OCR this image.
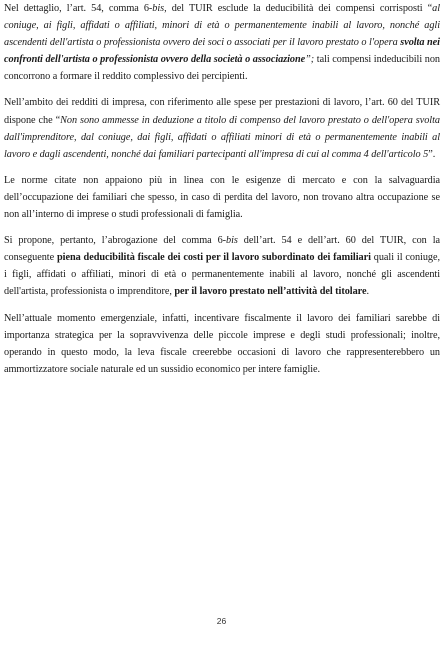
Nel dettaglio, l’art. 54, comma 6-bis, del TUIR esclude la deducibilità dei compensi corrisposti “al coniuge, ai figli, affidati o affiliati, minori di età o permanentemente inabili al lavoro, nonché agli ascendenti dell'artista o professionista ovvero dei soci o associati per il lavoro prestato o l'opera svolta nei confronti dell'artista o professionista ovvero della società o associazione”; tali compensi indeducibili non concorrono a formare il reddito complessivo dei percipienti.

Nell’ambito dei redditi di impresa, con riferimento alle spese per prestazioni di lavoro, l’art. 60 del TUIR dispone che “Non sono ammesse in deduzione a titolo di compenso del lavoro prestato o dell'opera svolta dall'imprenditore, dal coniuge, dai figli, affidati o affiliati minori di età o permanentemente inabili al lavoro e dagli ascendenti, nonché dai familiari partecipanti all'impresa di cui al comma 4 dell'articolo 5”.

Le norme citate non appaiono più in linea con le esigenze di mercato e con la salvaguardia dell’occupazione dei familiari che spesso, in caso di perdita del lavoro, non trovano altra occupazione se non all’interno di imprese o studi professionali di famiglia.

Si propone, pertanto, l’abrogazione del comma 6-bis dell’art. 54 e dell’art. 60 del TUIR, con la conseguente piena deducibilità fiscale dei costi per il lavoro subordinato dei familiari quali il coniuge, i figli, affidati o affiliati, minori di età o permanentemente inabili al lavoro, nonché gli ascendenti dell'artista, professionista o imprenditore, per il lavoro prestato nell’attività del titolare.

Nell’attuale momento emergenziale, infatti, incentivare fiscalmente il lavoro dei familiari sarebbe di importanza strategica per la sopravvivenza delle piccole imprese e degli studi professionali; inoltre, operando in questo modo, la leva fiscale creerebbe occasioni di lavoro che rappresenterebbero un ammortizzatore sociale naturale ed un sussidio economico per intere famiglie.

26
